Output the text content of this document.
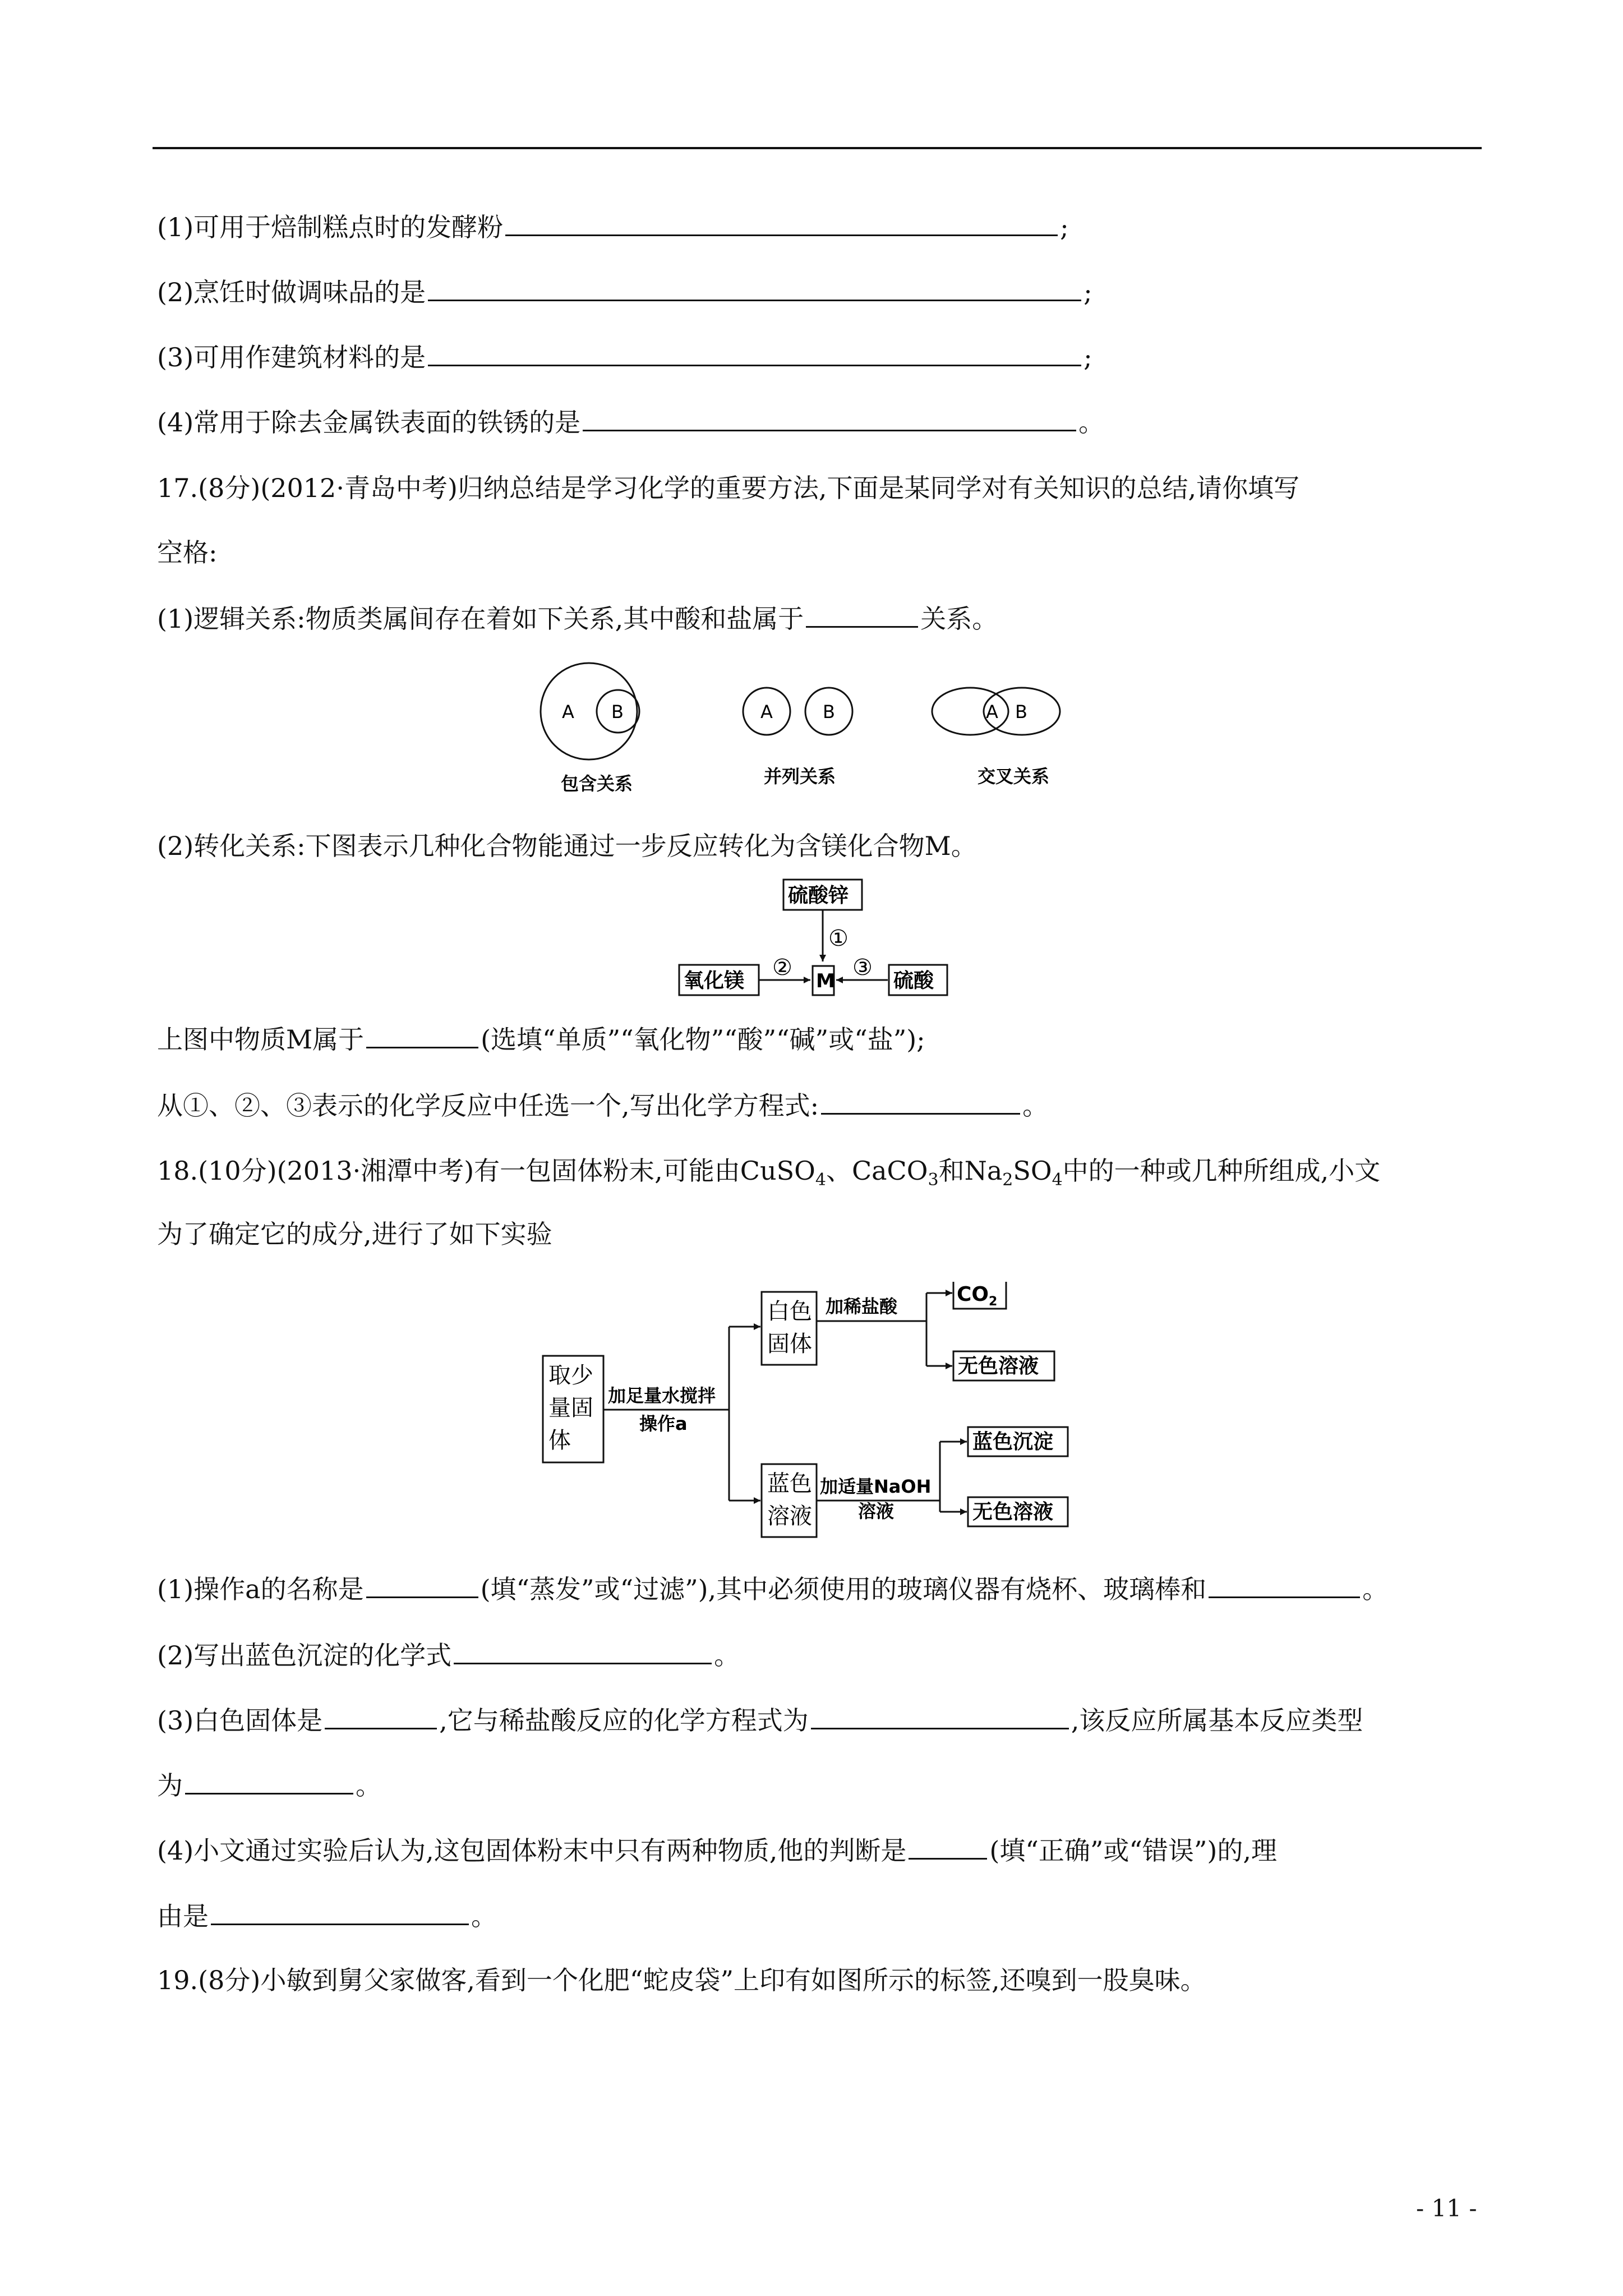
(1)可用于焙制糕点时的发酵粉	;
(2)烹饪时做调味品的是	;
(3)可用作建筑材料的是	;
(4)常用于除去金属铁表面的铁锈的是	。
17.(8分)(2012·青岛中考)归纳总结是学习化学的重要方法,下面是某同学对有关知识的总结,请你填写
空格:
(1)逻辑关系:物质类属间存在着如下关系,其中酸和盐属于	关系。
A B
包含关系
A	B
并列关系
A B
交叉关系
(2)转化关系:下图表示几种化合物能通过一步反应转化为含镁化合物M。
硫酸锌
①
氧化镁
②
M
③
硫酸
上图中物质M属于	(选填“单质”“氧化物”“酸”“碱”或“盐”);
从①、②、③表示的化学反应中任选一个,写出化学方程式:	。
18.(10分)(2013·湘潭中考)有一包固体粉末,可能由CuSO$_4$、CaCO$_3$和$Na_2SO_4$中的一种或几种所组成,小文
为了确定它的成分,进行了如下实验
取少
量固
体
加足量水搅拌
操作a
白色
固体
加稀盐酸
$CO_2$
无色溶液
蓝色
溶液
加适量NaOH
溶液
蓝色沉淀
无色溶液
(1)操作a的名称是	(填“蒸发”或“过滤”),其中必须使用的玻璃仪器有烧杯、玻璃棒和	。
(2)写出蓝色沉淀的化学式	。
(3)白色固体是	,它与稀盐酸反应的化学方程式为	,该反应所属基本反应类型
为	。
(4)小文通过实验后认为,这包固体粉末中只有两种物质,他的判断是	(填“正确”或“错误”)的,理
由是	。
19.(8分)小敏到舅父家做客,看到一个化肥“蛇皮袋”上印有如图所示的标签,还嗅到一股臭味。
- 11 -
